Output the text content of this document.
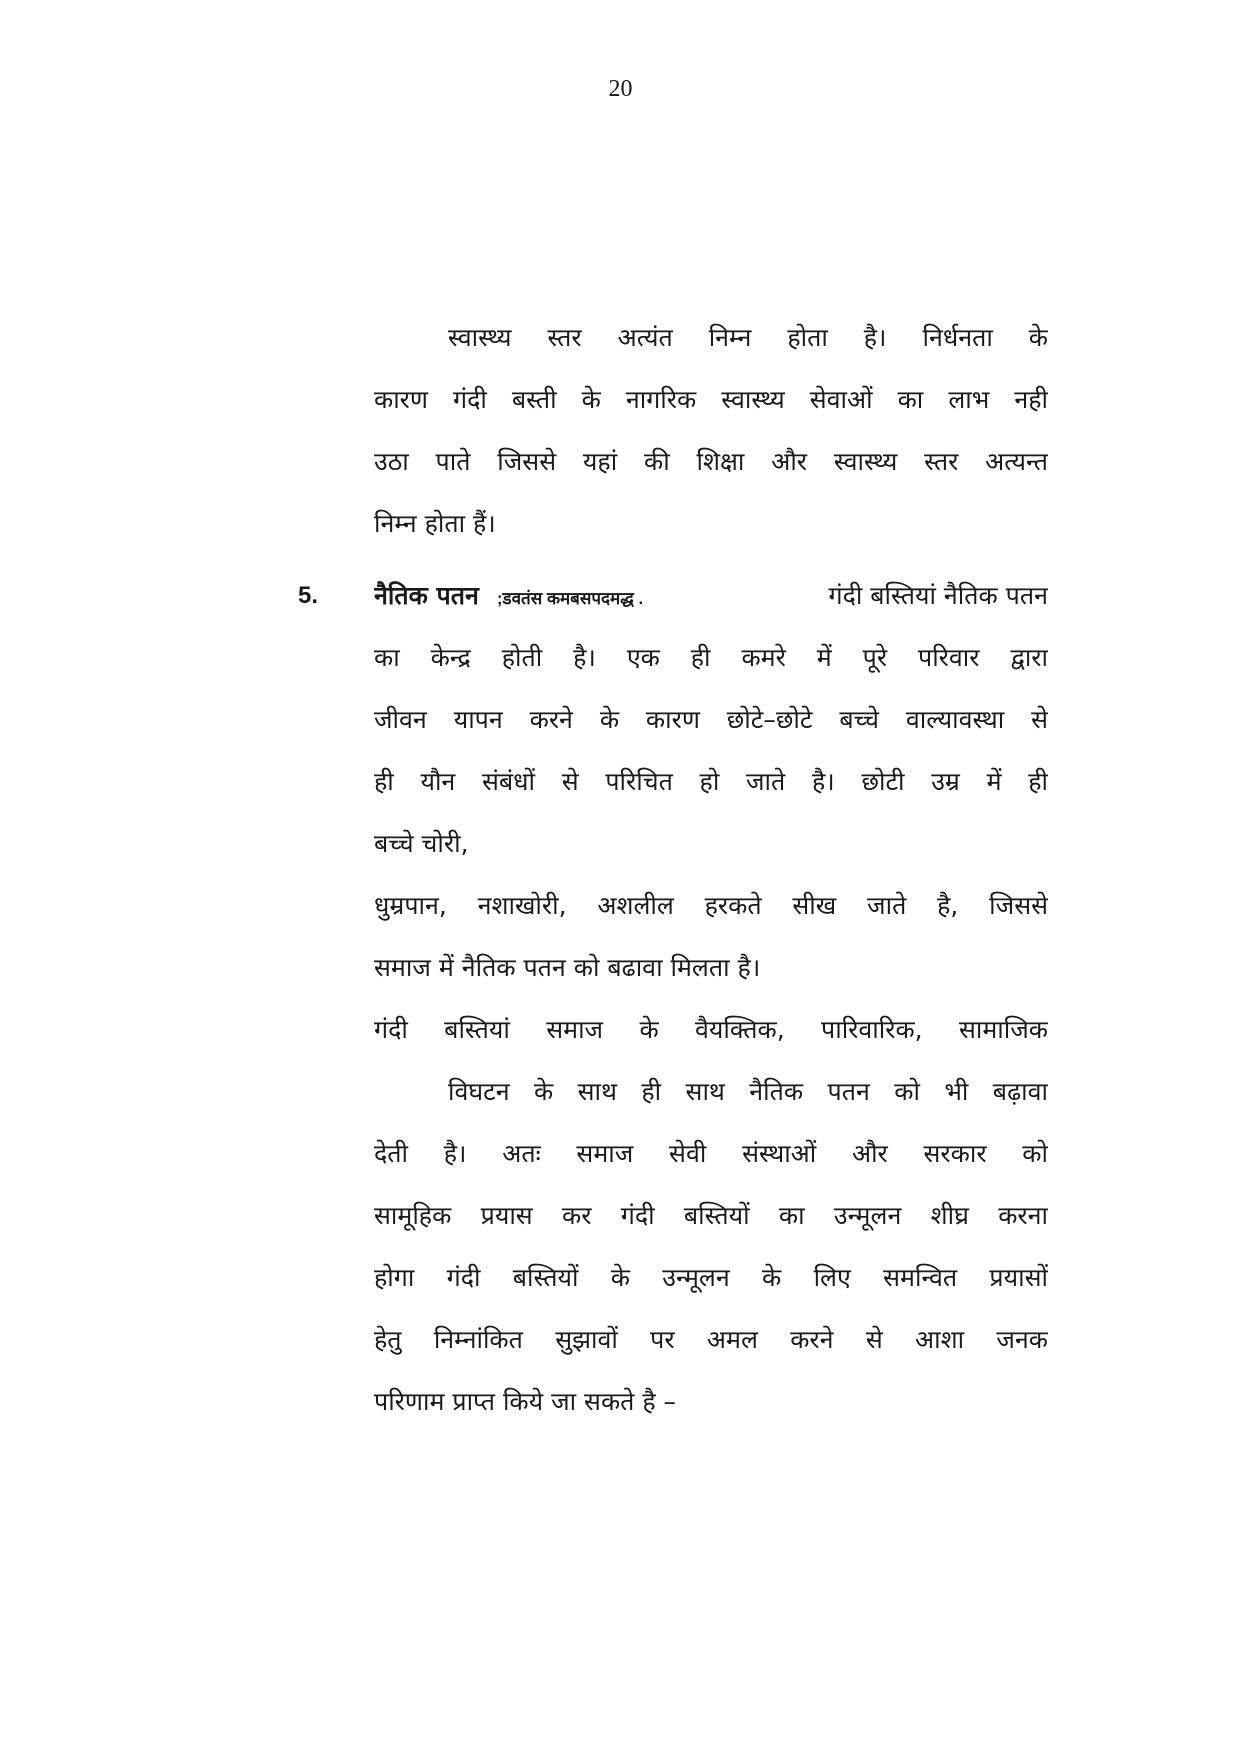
20
स्वास्थ्य स्तर अत्यंत निम्न होता है। निर्धनता के
कारण गंदी बस्ती के नागरिक स्वास्थ्य सेवाओं का लाभ नही
उठा पाते जिससे यहां की शिक्षा और स्वास्थ्य स्तर अत्यन्त
निम्न होता हैं।
5. नैतिक पतन ;डवतंस कमबसपदमद्ध .	गंदी बस्तियां नैतिक पतन
का केन्द्र होती है। एक ही कमरे में पूरे परिवार द्वारा
जीवन यापन करने के कारण छोटे–छोटे बच्चे वाल्यावस्था से
ही यौन संबंधों से परिचित हो जाते है। छोटी उम्र में ही
बच्चे चोरी,
धुम्रपान, नशाखोरी, अशलील हरकते सीख जाते है, जिससे
समाज में नैतिक पतन को बढावा मिलता है।
गंदी बस्तियां समाज के वैयक्तिक, पारिवारिक, सामाजिक
विघटन के साथ ही साथ नैतिक पतन को भी बढ़ावा
देती है। अतः समाज सेवी संस्थाओं और सरकार को
सामूहिक प्रयास कर गंदी बस्तियों का उन्मूलन शीघ्र करना
होगा गंदी बस्तियों के उन्मूलन के लिए समन्वित प्रयासों
हेतु निम्नांकित सुझावों पर अमल करने से आशा जनक
परिणाम प्राप्त किये जा सकते है –
